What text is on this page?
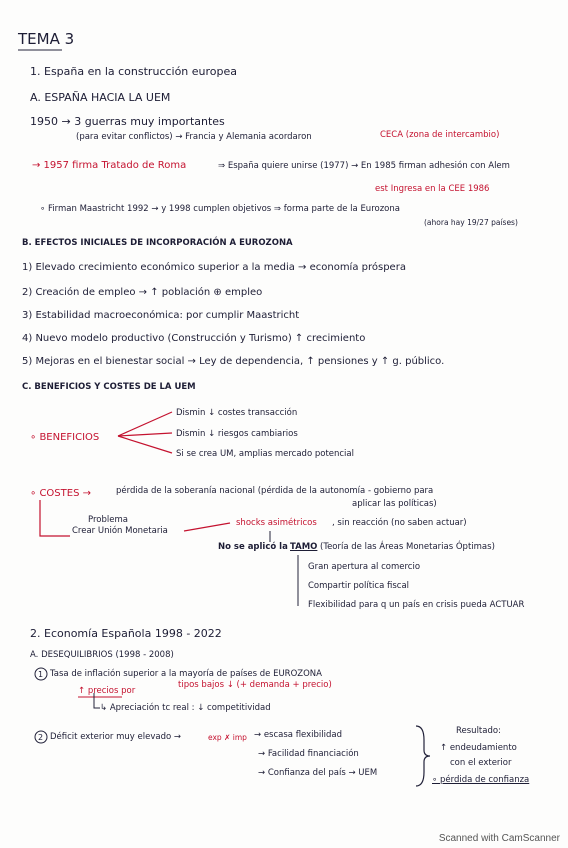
TEMA 3
1. España en la construcción europea
A. ESPAÑA HACIA LA UEM
1950 → 3 guerras muy importantes
(para evitar conflictos) → Francia y Alemania acordaron	CECA (zona de intercambio)
→ 1957 firma Tratado de Roma	⇒ España quiere unirse (1977) → En 1985 firman adhesión con Alem
est Ingresa en la CEE 1986
∘ Firman Maastricht 1992 → y 1998 cumplen objetivos ⇒ forma parte de la Eurozona
(ahora hay 19/27 países)
B. EFECTOS INICIALES DE INCORPORACIÓN A EUROZONA
1) Elevado crecimiento económico superior a la media → economía próspera
2) Creación de empleo → ↑ población ⊕ empleo
3) Estabilidad macroeconómica: por cumplir Maastricht
4) Nuevo modelo productivo (Construcción y Turismo) ↑ crecimiento
5) Mejoras en el bienestar social → Ley de dependencia, ↑ pensiones y ↑ g. público.
C. BENEFICIOS Y COSTES DE LA UEM
∘ BENEFICIOS
Dismin ↓ costes transacción
Dismin ↓ riesgos cambiarios
Si se crea UM, amplias mercado potencial
∘ COSTES →	pérdida de la soberanía nacional (pérdida de la autonomía - gobierno para
aplicar las políticas)
Problema
Crear Unión Monetaria
shocks asimétricos , sin reacción (no saben actuar)
No se aplicó la TAMO (Teoría de las Áreas Monetarias Óptimas)
Gran apertura al comercio
Compartir política fiscal
Flexibilidad para q un país en crisis pueda ACTUAR
2. Economía Española 1998 - 2022
A. DESEQUILIBRIOS (1998 - 2008)
Tasa de inflación superior a la mayoría de países de EUROZONA
↑ precios por
tipos bajos ↓ (+ demanda + precio)
↳ Apreciación tc real : ↓ competitividad
Déficit exterior muy elevado →	exp ✗ imp → escasa flexibilidad
→ Facilidad financiación
→ Confianza del país → UEM
Resultado:
↑ endeudamiento
con el exterior
∘ pérdida de confianza
1
2
Scanned with CamScanner
